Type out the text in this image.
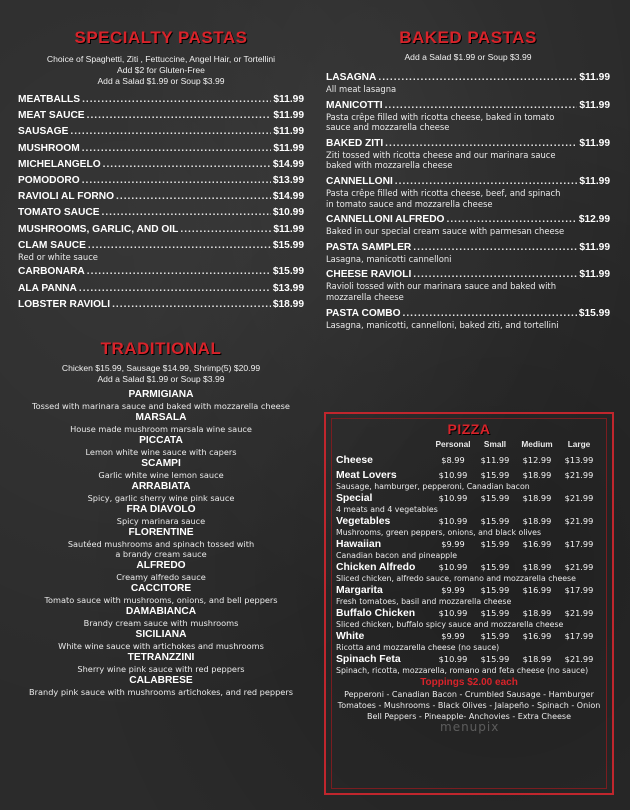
SPECIALTY PASTAS
Choice of Spaghetti, Ziti , Fettuccine, Angel Hair, or Tortellini
Add $2 for Gluten-Free
Add a Salad $1.99 or Soup $3.99
MEATBALLS .....	$11.99
MEAT SAUCE .....	$11.99
SAUSAGE .....	$11.99
MUSHROOM .....	$11.99
MICHELANGELO .....	$14.99
POMODORO .....	$13.99
RAVIOLI AL FORNO .....	$14.99
TOMATO SAUCE .....	$10.99
MUSHROOMS, GARLIC, AND OIL .....	$11.99
CLAM SAUCE .....	$15.99
Red or white sauce
CARBONARA .....	$15.99
ALA PANNA .....	$13.99
LOBSTER RAVIOLI .....	$18.99
TRADITIONAL
Chicken $15.99, Sausage $14.99, Shrimp(5) $20.99
Add a Salad $1.99 or Soup $3.99
PARMIGIANA
Tossed with marinara sauce and baked with mozzarella cheese
MARSALA
House made mushroom marsala wine sauce
PICCATA
Lemon white wine sauce with capers
SCAMPI
Garlic white wine lemon sauce
ARRABIATA
Spicy, garlic sherry wine pink sauce
FRA DIAVOLO
Spicy marinara sauce
FLORENTINE
Sautéed mushrooms and spinach tossed with
a brandy cream sauce
ALFREDO
Creamy alfredo sauce
CACCITORE
Tomato sauce with mushrooms, onions, and bell peppers
DAMABIANCA
Brandy cream sauce with mushrooms
SICILIANA
White wine sauce with artichokes and mushrooms
TETRANZZINI
Sherry wine pink sauce with red peppers
CALABRESE
Brandy pink sauce with mushrooms artichokes, and red peppers
BAKED PASTAS
Add a Salad $1.99 or Soup $3.99
LASAGNA .....	$11.99
All meat lasagna
MANICOTTI .....	$11.99
Pasta crêpe filled with ricotta cheese, baked in tomato
sauce and mozzarella cheese
BAKED ZITI .....	$11.99
Ziti tossed with ricotta cheese and our marinara sauce
baked with mozzarella cheese
CANNELLONI .....	$11.99
Pasta crêpe filled with ricotta cheese, beef, and spinach
in tomato sauce and mozzarella cheese
CANNELLONI ALFREDO .....	$12.99
Baked in our special cream sauce with parmesan cheese
PASTA SAMPLER .....	$11.99
Lasagna, manicotti cannelloni
CHEESE RAVIOLI .....	$11.99
Ravioli tossed with our marinara sauce and baked with
mozzarella cheese
PASTA COMBO .....	$15.99
Lasagna, manicotti, cannelloni, baked ziti, and tortellini
PIZZA
Personal	Small	Medium	Large
Cheese	$8.99	$11.99	$12.99	$13.99
Meat Lovers	$10.99	$15.99	$18.99	$21.99
Sausage, hamburger, pepperoni, Canadian bacon
Special	$10.99	$15.99	$18.99	$21.99
4 meats and 4 vegetables
Vegetables	$10.99	$15.99	$18.99	$21.99
Mushrooms, green peppers, onions, and black olives
Hawaiian	$9.99	$15.99	$16.99	$17.99
Canadian bacon and pineapple
Chicken Alfredo	$10.99	$15.99	$18.99	$21.99
Sliced chicken, alfredo sauce, romano and mozzarella cheese
Margarita	$9.99	$15.99	$16.99	$17.99
Fresh tomatoes, basil and mozzarella cheese
Buffalo Chicken	$10.99	$15.99	$18.99	$21.99
Sliced chicken, buffalo spicy sauce and mozzarella cheese
White	$9.99	$15.99	$16.99	$17.99
Ricotta and mozzarella cheese (no sauce)
Spinach Feta	$10.99	$15.99	$18.99	$21.99
Spinach, ricotta, mozzarella, romano and feta cheese (no sauce)
Toppings $2.00 each
Pepperoni - Canadian Bacon - Crumbled Sausage - Hamburger
Tomatoes - Mushrooms - Black Olives - Jalapeño - Spinach - Onion
Bell Peppers - Pineapple- Anchovies - Extra Cheese
menupix
